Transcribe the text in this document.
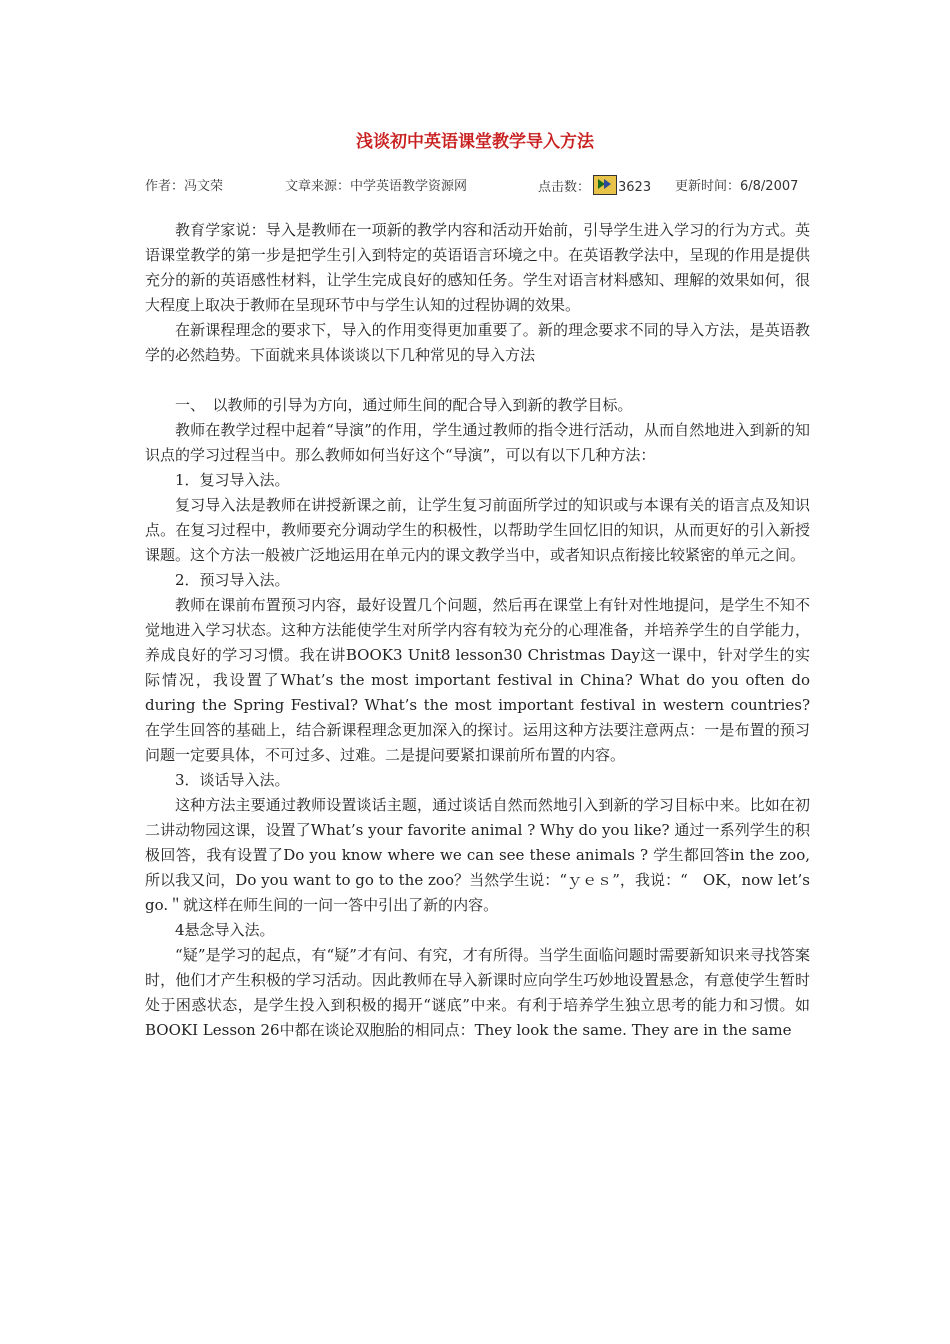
浅谈初中英语课堂教学导入方法
作者：冯文荣	文章来源：中学英语教学资源网	点击数： 3623 更新时间：6/8/2007

教育学家说：导入是教师在一项新的教学内容和活动开始前，引导学生进入学习的行为方式。英语课堂教学的第一步是把学生引入到特定的英语语言环境之中。在英语教学法中，呈现的作用是提供充分的新的英语感性材料，让学生完成良好的感知任务。学生对语言材料感知、理解的效果如何，很大程度上取决于教师在呈现环节中与学生认知的过程协调的效果。

在新课程理念的要求下，导入的作用变得更加重要了。新的理念要求不同的导入方法，是英语教学的必然趋势。下面就来具体谈谈以下几种常见的导入方法

一、　以教师的引导为方向，通过师生间的配合导入到新的教学目标。

教师在教学过程中起着“导演”的作用，学生通过教师的指令进行活动，从而自然地进入到新的知识点的学习过程当中。那么教师如何当好这个“导演”，可以有以下几种方法：

1．复习导入法。

复习导入法是教师在讲授新课之前，让学生复习前面所学过的知识或与本课有关的语言点及知识点。在复习过程中，教师要充分调动学生的积极性，以帮助学生回忆旧的知识，从而更好的引入新授课题。这个方法一般被广泛地运用在单元内的课文教学当中，或者知识点衔接比较紧密的单元之间。

2．预习导入法。

教师在课前布置预习内容，最好设置几个问题，然后再在课堂上有针对性地提问，是学生不知不觉地进入学习状态。这种方法能使学生对所学内容有较为充分的心理准备，并培养学生的自学能力，养成良好的学习习惯。我在讲BOOK3 Unit8 lesson30 Christmas Day这一课中，针对学生的实际情况，我设置了What’s the most important festival in China? What do you often do during the Spring Festival? What’s the most important festival in western countries? 在学生回答的基础上，结合新课程理念更加深入的探讨。运用这种方法要注意两点：一是布置的预习问题一定要具体，不可过多、过难。二是提问要紧扣课前所布置的内容。

3．谈话导入法。

这种方法主要通过教师设置谈话主题，通过谈话自然而然地引入到新的学习目标中来。比如在初二讲动物园这课，设置了What’s your favorite animal ? Why do you like? 通过一系列学生的积极回答，我有设置了Do you know where we can see these animals ? 学生都回答in the zoo, 所以我又问，Do you want to go to the zoo？当然学生说：“ｙｅｓ”，我说：“　OK，now let’s go.＂就这样在师生间的一问一答中引出了新的内容。

4悬念导入法。

“疑”是学习的起点，有“疑”才有问、有究，才有所得。当学生面临问题时需要新知识来寻找答案时，他们才产生积极的学习活动。因此教师在导入新课时应向学生巧妙地设置悬念，有意使学生暂时处于困惑状态，是学生投入到积极的揭开“谜底”中来。有利于培养学生独立思考的能力和习惯。如BOOKI Lesson 26中都在谈论双胞胎的相同点：They look the same. They are in the same
